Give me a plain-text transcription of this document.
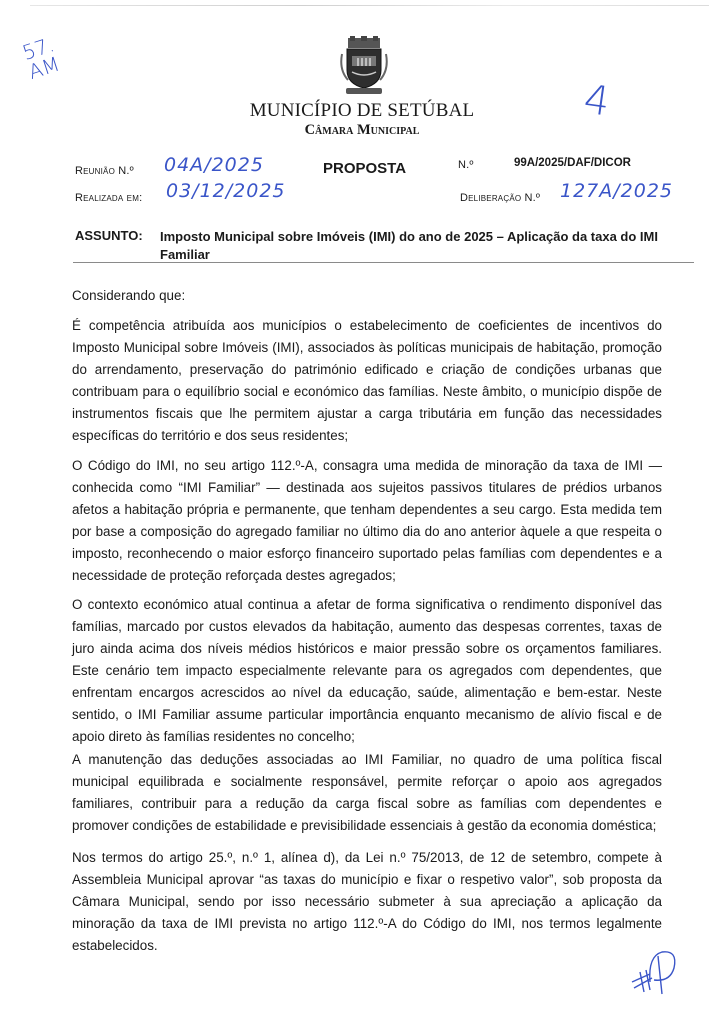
57.
AM
MUNICÍPIO DE SETÚBAL
Câmara Municipal
4
Reunião N.º 04A/2025
Realizada em: 03/12/2025
PROPOSTA	N.º	99A/2025/DAF/DICOR
Deliberação N.º 127A/2025
ASSUNTO: Imposto Municipal sobre Imóveis (IMI) do ano de 2025 – Aplicação da taxa do IMI Familiar
Considerando que:
É competência atribuída aos municípios o estabelecimento de coeficientes de incentivos do Imposto Municipal sobre Imóveis (IMI), associados às políticas municipais de habitação, promoção do arrendamento, preservação do património edificado e criação de condições urbanas que contribuam para o equilíbrio social e económico das famílias. Neste âmbito, o município dispõe de instrumentos fiscais que lhe permitem ajustar a carga tributária em função das necessidades específicas do território e dos seus residentes;
O Código do IMI, no seu artigo 112.º-A, consagra uma medida de minoração da taxa de IMI — conhecida como “IMI Familiar” — destinada aos sujeitos passivos titulares de prédios urbanos afetos a habitação própria e permanente, que tenham dependentes a seu cargo. Esta medida tem por base a composição do agregado familiar no último dia do ano anterior àquele a que respeita o imposto, reconhecendo o maior esforço financeiro suportado pelas famílias com dependentes e a necessidade de proteção reforçada destes agregados;
O contexto económico atual continua a afetar de forma significativa o rendimento disponível das famílias, marcado por custos elevados da habitação, aumento das despesas correntes, taxas de juro ainda acima dos níveis médios históricos e maior pressão sobre os orçamentos familiares. Este cenário tem impacto especialmente relevante para os agregados com dependentes, que enfrentam encargos acrescidos ao nível da educação, saúde, alimentação e bem-estar. Neste sentido, o IMI Familiar assume particular importância enquanto mecanismo de alívio fiscal e de apoio direto às famílias residentes no concelho;
A manutenção das deduções associadas ao IMI Familiar, no quadro de uma política fiscal municipal equilibrada e socialmente responsável, permite reforçar o apoio aos agregados familiares, contribuir para a redução da carga fiscal sobre as famílias com dependentes e promover condições de estabilidade e previsibilidade essenciais à gestão da economia doméstica;
Nos termos do artigo 25.º, n.º 1, alínea d), da Lei n.º 75/2013, de 12 de setembro, compete à Assembleia Municipal aprovar “as taxas do município e fixar o respetivo valor”, sob proposta da Câmara Municipal, sendo por isso necessário submeter à sua apreciação a aplicação da minoração da taxa de IMI prevista no artigo 112.º-A do Código do IMI, nos termos legalmente estabelecidos.
